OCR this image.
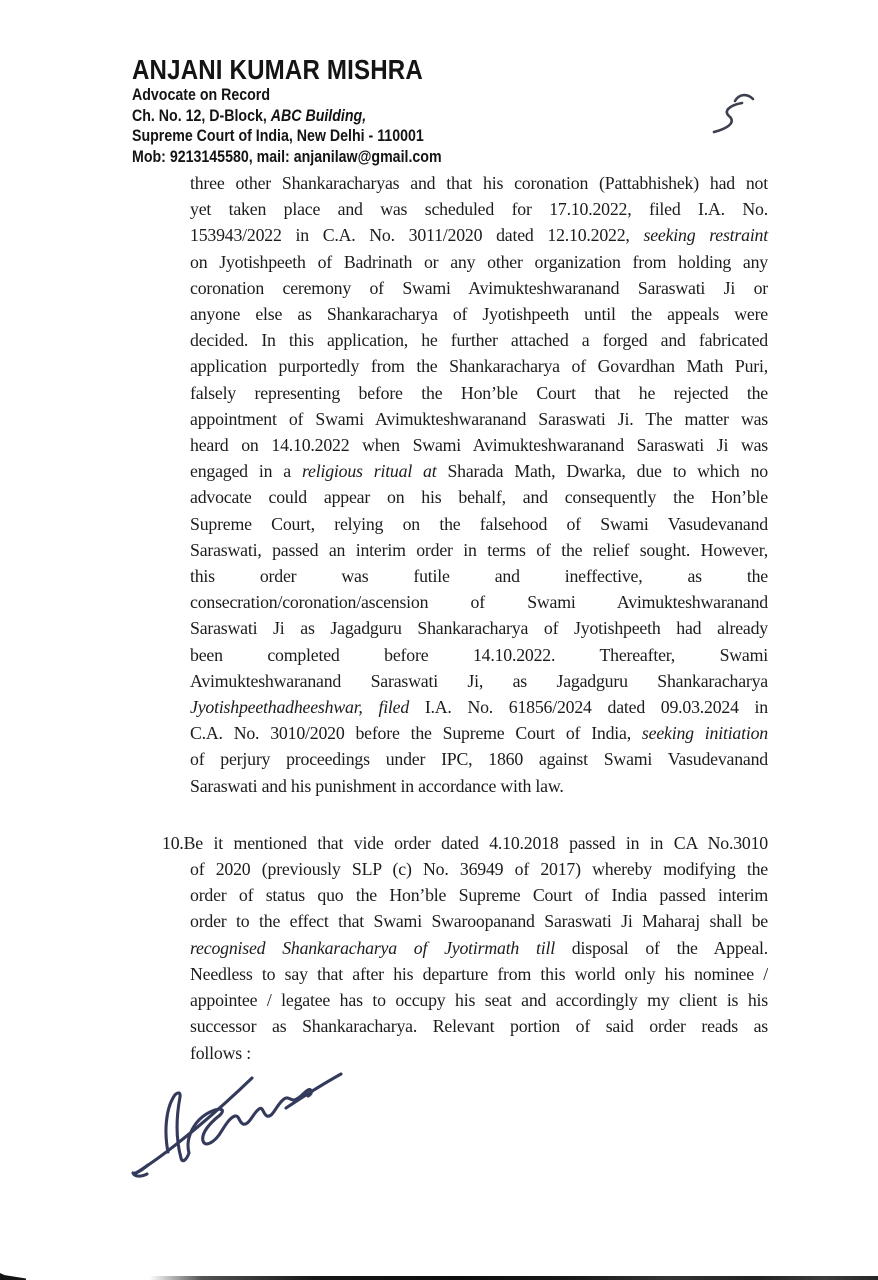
ANJANI KUMAR MISHRA
Advocate on Record
Ch. No. 12, D-Block, ABC Building,
Supreme Court of India, New Delhi - 110001
Mob: 9213145580, mail: anjanilaw@gmail.com
three other Shankaracharyas and that his coronation (Pattabhishek) had not
yet taken place and was scheduled for 17.10.2022, filed I.A. No.
153943/2022 in C.A. No. 3011/2020 dated 12.10.2022, seeking restraint
on Jyotishpeeth of Badrinath or any other organization from holding any
coronation ceremony of Swami Avimukteshwaranand Saraswati Ji or
anyone else as Shankaracharya of Jyotishpeeth until the appeals were
decided. In this application, he further attached a forged and fabricated
application purportedly from the Shankaracharya of Govardhan Math Puri,
falsely representing before the Hon’ble Court that he rejected the
appointment of Swami Avimukteshwaranand Saraswati Ji. The matter was
heard on 14.10.2022 when Swami Avimukteshwaranand Saraswati Ji was
engaged in a religious ritual at Sharada Math, Dwarka, due to which no
advocate could appear on his behalf, and consequently the Hon’ble
Supreme Court, relying on the falsehood of Swami Vasudevanand
Saraswati, passed an interim order in terms of the relief sought. However,
this order was futile and ineffective, as the
consecration/coronation/ascension of Swami Avimukteshwaranand
Saraswati Ji as Jagadguru Shankaracharya of Jyotishpeeth had already
been completed before 14.10.2022. Thereafter, Swami
Avimukteshwaranand Saraswati Ji, as Jagadguru Shankaracharya
Jyotishpeethadheeshwar, filed I.A. No. 61856/2024 dated 09.03.2024 in
C.A. No. 3010/2020 before the Supreme Court of India, seeking initiation
of perjury proceedings under IPC, 1860 against Swami Vasudevanand
Saraswati and his punishment in accordance with law.
10.Be it mentioned that vide order dated 4.10.2018 passed in in CA No.3010
of 2020 (previously SLP (c) No. 36949 of 2017) whereby modifying the
order of status quo the Hon’ble Supreme Court of India passed interim
order to the effect that Swami Swaroopanand Saraswati Ji Maharaj shall be
recognised Shankaracharya of Jyotirmath till disposal of the Appeal.
Needless to say that after his departure from this world only his nominee /
appointee / legatee has to occupy his seat and accordingly my client is his
successor as Shankaracharya. Relevant portion of said order reads as
follows :
